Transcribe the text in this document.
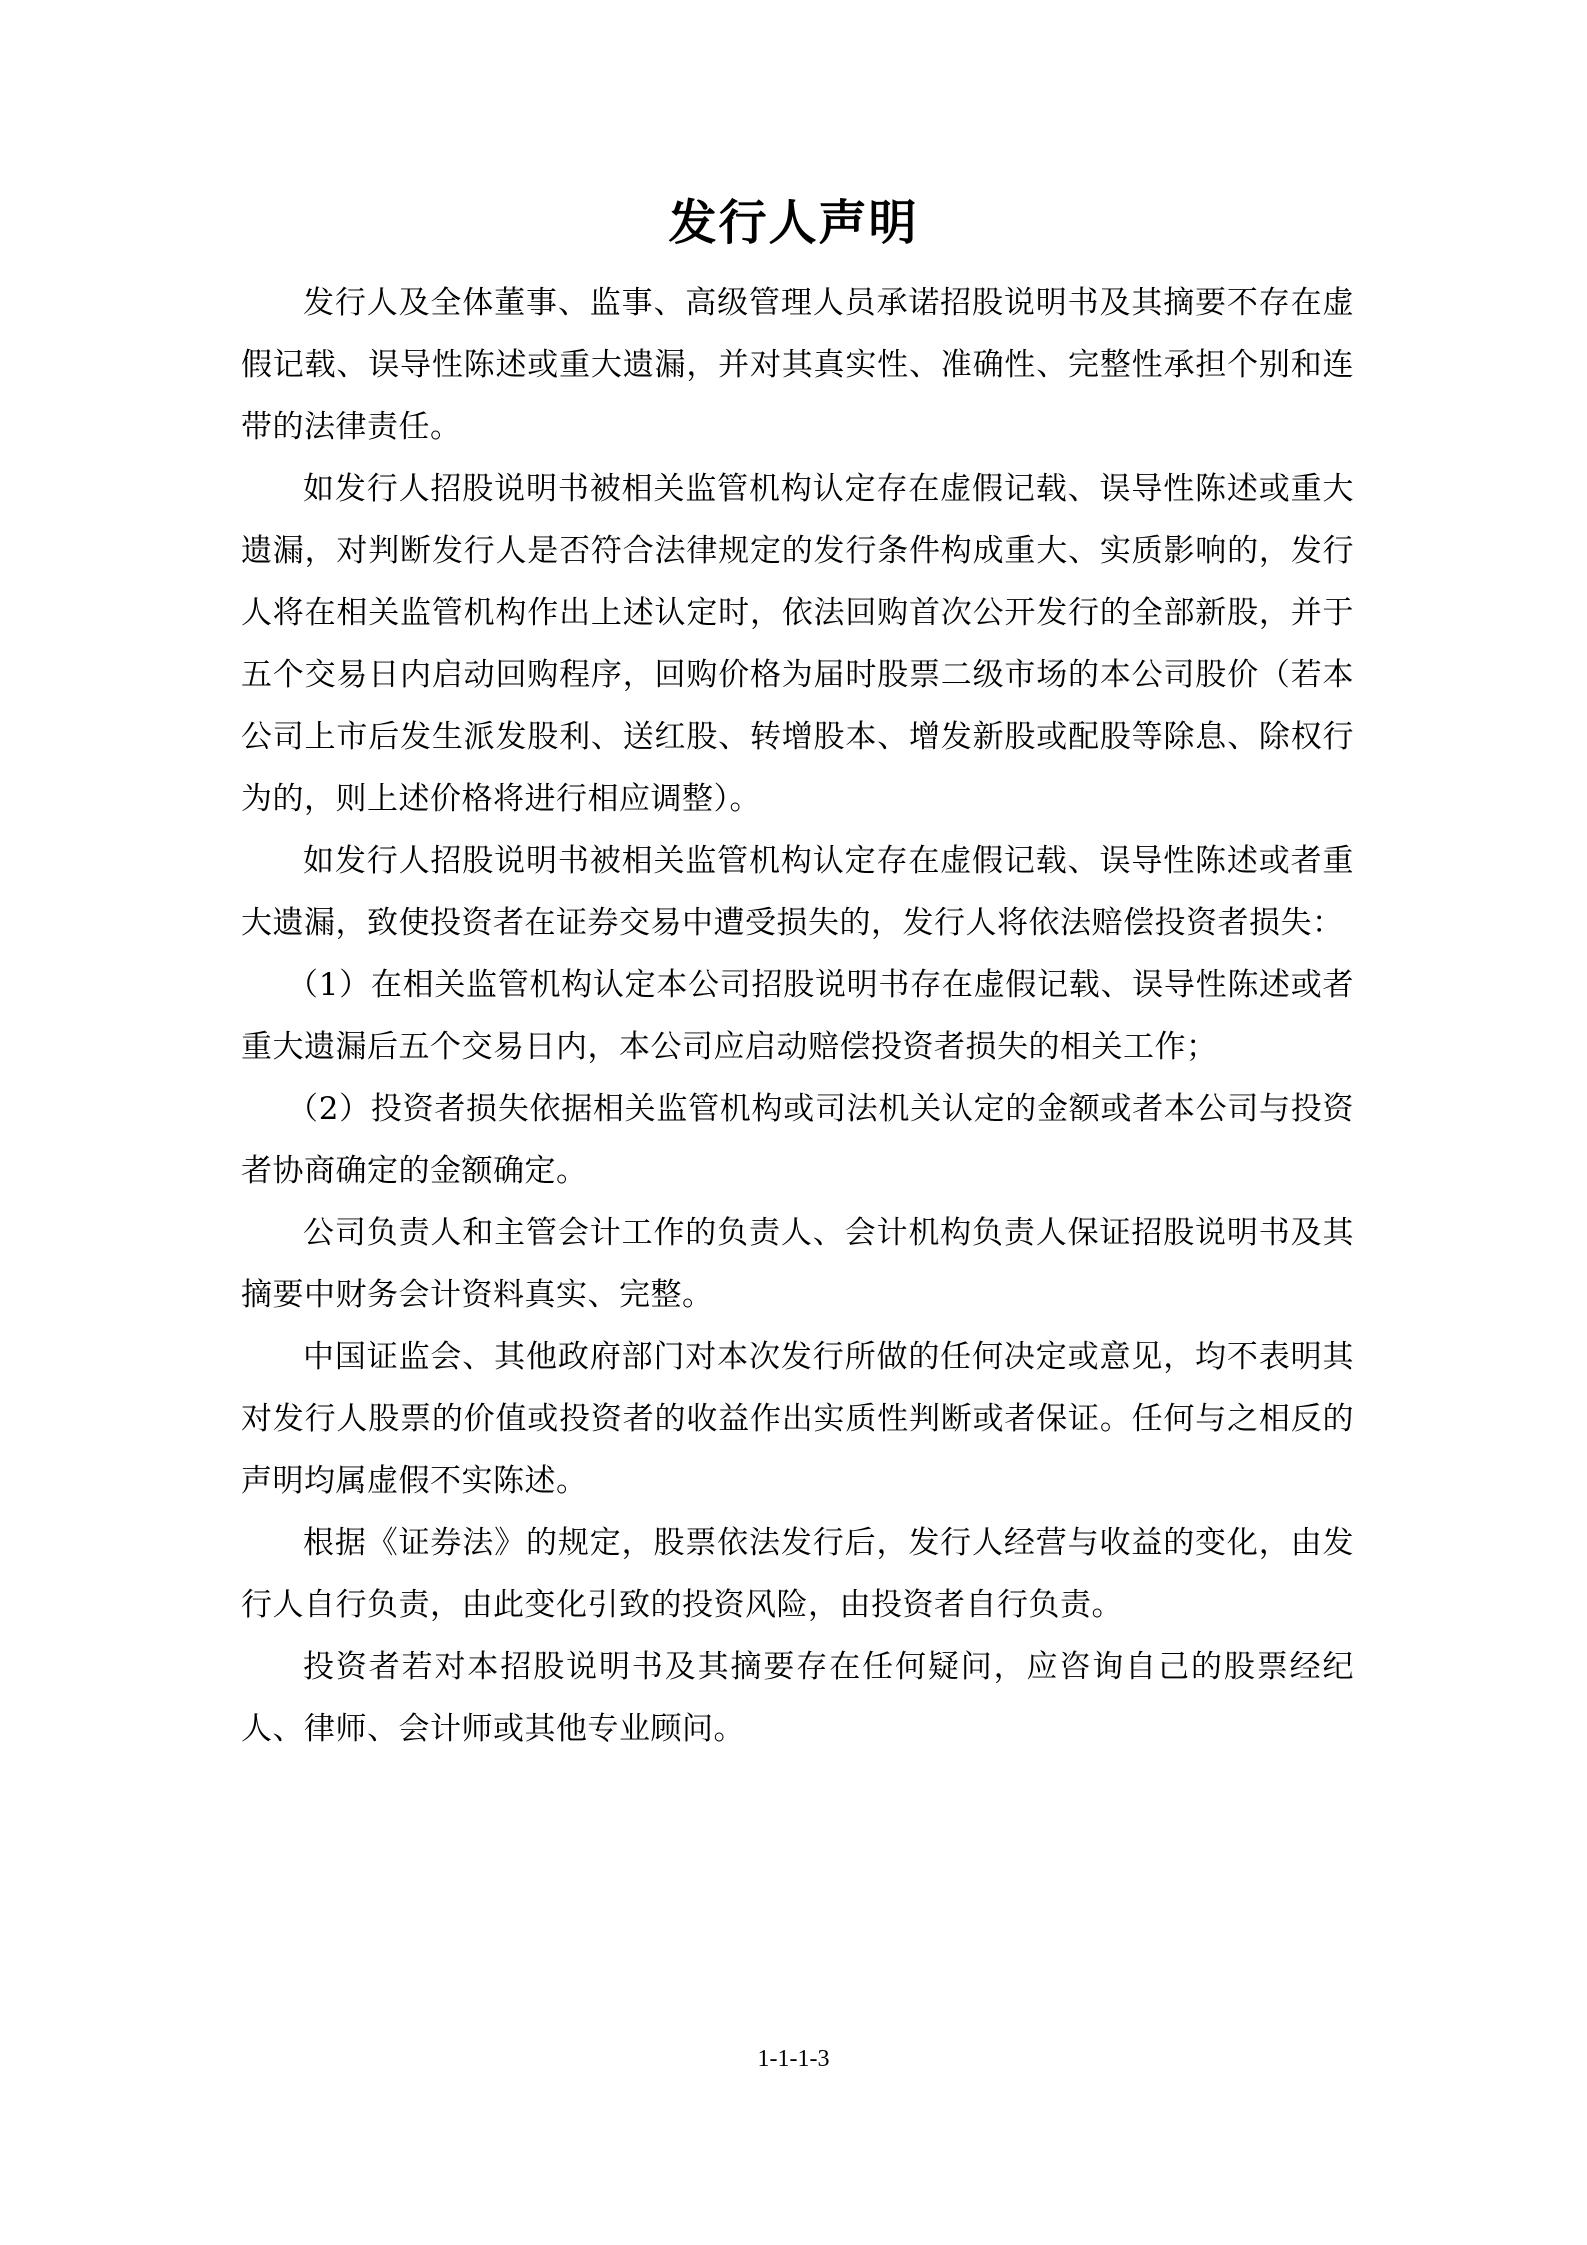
发行人声明

发行人及全体董事、监事、高级管理人员承诺招股说明书及其摘要不存在虚假记载、误导性陈述或重大遗漏，并对其真实性、准确性、完整性承担个别和连带的法律责任。

如发行人招股说明书被相关监管机构认定存在虚假记载、误导性陈述或重大遗漏，对判断发行人是否符合法律规定的发行条件构成重大、实质影响的，发行人将在相关监管机构作出上述认定时，依法回购首次公开发行的全部新股，并于五个交易日内启动回购程序，回购价格为届时股票二级市场的本公司股价（若本公司上市后发生派发股利、送红股、转增股本、增发新股或配股等除息、除权行为的，则上述价格将进行相应调整）。

如发行人招股说明书被相关监管机构认定存在虚假记载、误导性陈述或者重大遗漏，致使投资者在证券交易中遭受损失的，发行人将依法赔偿投资者损失：

（1）在相关监管机构认定本公司招股说明书存在虚假记载、误导性陈述或者重大遗漏后五个交易日内，本公司应启动赔偿投资者损失的相关工作；

（2）投资者损失依据相关监管机构或司法机关认定的金额或者本公司与投资者协商确定的金额确定。

公司负责人和主管会计工作的负责人、会计机构负责人保证招股说明书及其摘要中财务会计资料真实、完整。

中国证监会、其他政府部门对本次发行所做的任何决定或意见，均不表明其对发行人股票的价值或投资者的收益作出实质性判断或者保证。任何与之相反的声明均属虚假不实陈述。

根据《证券法》的规定，股票依法发行后，发行人经营与收益的变化，由发行人自行负责，由此变化引致的投资风险，由投资者自行负责。

投资者若对本招股说明书及其摘要存在任何疑问，应咨询自己的股票经纪人、律师、会计师或其他专业顾问。

1-1-1-3
